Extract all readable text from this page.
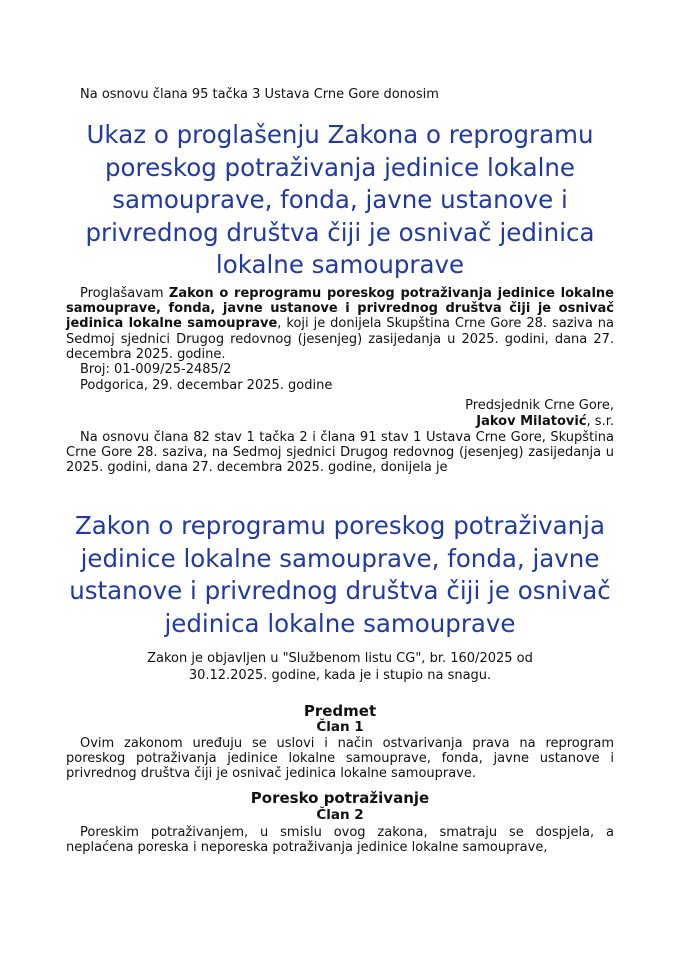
Na osnovu člana 95 tačka 3 Ustava Crne Gore donosim
Ukaz o proglašenju Zakona o reprogramu poreskog potraživanja jedinice lokalne samouprave, fonda, javne ustanove i privrednog društva čiji je osnivač jedinica lokalne samouprave

Proglašavam Zakon o reprogramu poreskog potraživanja jedinice lokalne samouprave, fonda, javne ustanove i privrednog društva čiji je osnivač jedinica lokalne samouprave, koji je donijela Skupština Crne Gore 28. saziva na Sedmoj sjednici Drugog redovnog (jesenjeg) zasijedanja u 2025. godini, dana 27. decembra 2025. godine.

Broj: 01-009/25-2485/2
Podgorica, 29. decembar 2025. godine
Predsjednik Crne Gore,
Jakov Milatović, s.r.

Na osnovu člana 82 stav 1 tačka 2 i člana 91 stav 1 Ustava Crne Gore, Skupština Crne Gore 28. saziva, na Sedmoj sjednici Drugog redovnog (jesenjeg) zasijedanja u 2025. godini, dana 27. decembra 2025. godine, donijela je

Zakon o reprogramu poreskog potraživanja jedinice lokalne samouprave, fonda, javne ustanove i privrednog društva čiji je osnivač jedinica lokalne samouprave
Zakon je objavljen u "Službenom listu CG", br. 160/2025 od
30.12.2025. godine, kada je i stupio na snagu.
Predmet
Član 1

Ovim zakonom uređuju se uslovi i način ostvarivanja prava na reprogram poreskog potraživanja jedinice lokalne samouprave, fonda, javne ustanove i privrednog društva čiji je osnivač jedinica lokalne samouprave.

Poresko potraživanje
Član 2

Poreskim potraživanjem, u smislu ovog zakona, smatraju se dospjela, a neplaćena poreska i neporeska potraživanja jedinice lokalne samouprave,
